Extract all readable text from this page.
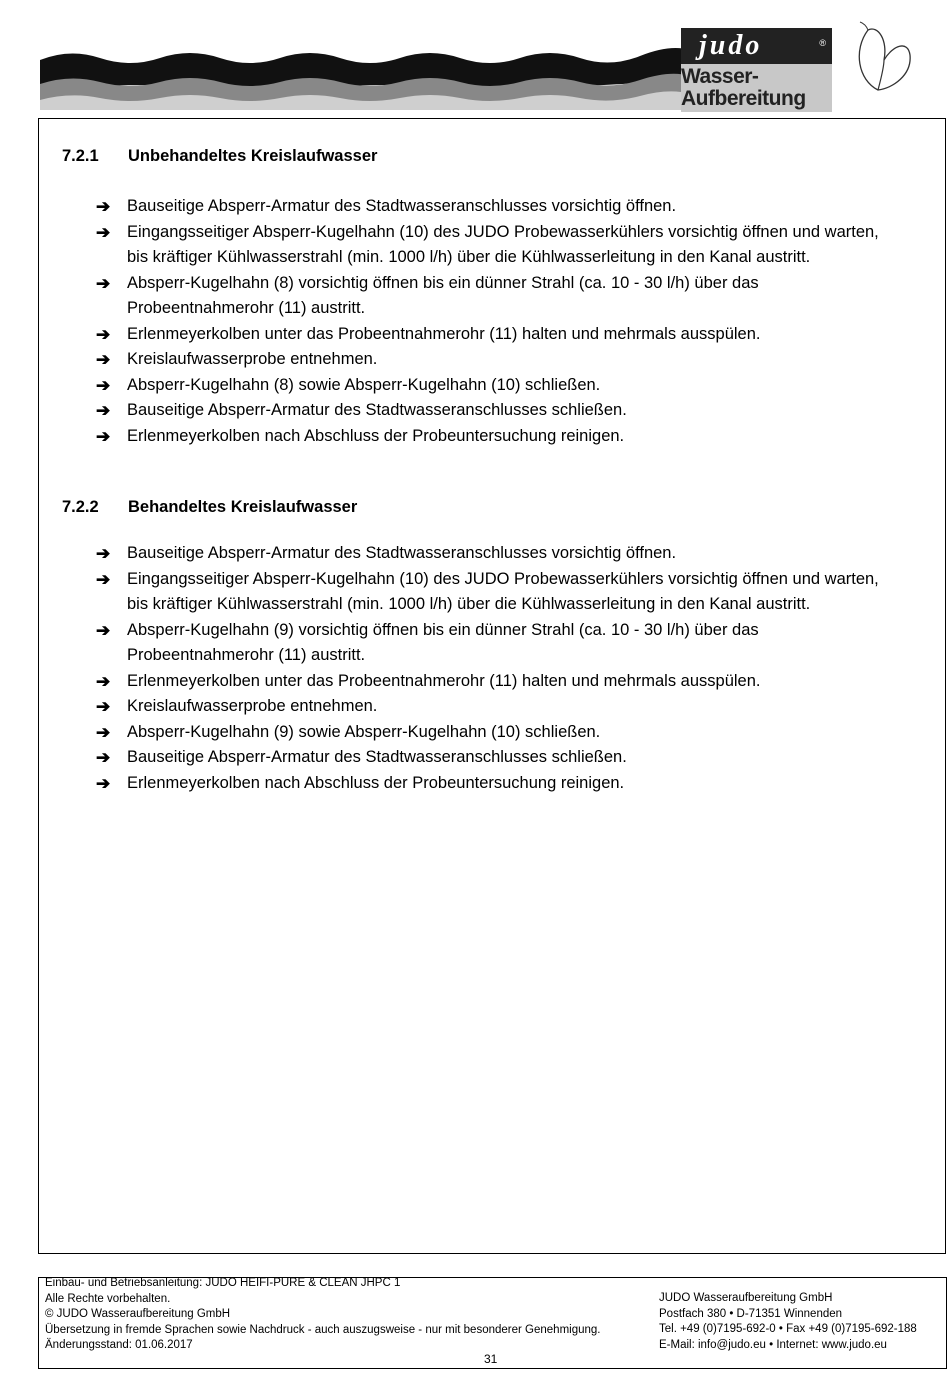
judo	®
Wasser-
Aufbereitung
7.2.1 Unbehandeltes Kreislaufwasser
➔ Bauseitige Absperr-Armatur des Stadtwasseranschlusses vorsichtig öffnen.
➔ Eingangsseitiger Absperr-Kugelhahn (10) des JUDO Probewasserkühlers vorsichtig öffnen und warten, bis kräftiger Kühlwasserstrahl (min. 1000 l/h) über die Kühlwasserleitung in den Kanal austritt.
➔ Absperr-Kugelhahn (8) vorsichtig öffnen bis ein dünner Strahl (ca. 10 - 30 l/h) über das Probeentnahmerohr (11) austritt.
➔ Erlenmeyerkolben unter das Probeentnahmerohr (11) halten und mehrmals ausspülen.
➔ Kreislaufwasserprobe entnehmen.
➔ Absperr-Kugelhahn (8) sowie Absperr-Kugelhahn (10) schließen.
➔ Bauseitige Absperr-Armatur des Stadtwasseranschlusses schließen.
➔ Erlenmeyerkolben nach Abschluss der Probeuntersuchung reinigen.
7.2.2 Behandeltes Kreislaufwasser
➔ Bauseitige Absperr-Armatur des Stadtwasseranschlusses vorsichtig öffnen.
➔ Eingangsseitiger Absperr-Kugelhahn (10) des JUDO Probewasserkühlers vorsichtig öffnen und warten, bis kräftiger Kühlwasserstrahl (min. 1000 l/h) über die Kühlwasserleitung in den Kanal austritt.
➔ Absperr-Kugelhahn (9) vorsichtig öffnen bis ein dünner Strahl (ca. 10 - 30 l/h) über das Probeentnahmerohr (11) austritt.
➔ Erlenmeyerkolben unter das Probeentnahmerohr (11) halten und mehrmals ausspülen.
➔ Kreislaufwasserprobe entnehmen.
➔ Absperr-Kugelhahn (9) sowie Absperr-Kugelhahn (10) schließen.
➔ Bauseitige Absperr-Armatur des Stadtwasseranschlusses schließen.
➔ Erlenmeyerkolben nach Abschluss der Probeuntersuchung reinigen.
Einbau- und Betriebsanleitung: JUDO HEIFI-PURE & CLEAN JHPC 1
Alle Rechte vorbehalten.
© JUDO Wasseraufbereitung GmbH
Übersetzung in fremde Sprachen sowie Nachdruck - auch auszugsweise - nur mit besonderer Genehmigung.
Änderungsstand: 01.06.2017
JUDO Wasseraufbereitung GmbH
Postfach 380 • D-71351 Winnenden
Tel. +49 (0)7195-692-0 • Fax +49 (0)7195-692-188
E-Mail: info@judo.eu • Internet: www.judo.eu
31
